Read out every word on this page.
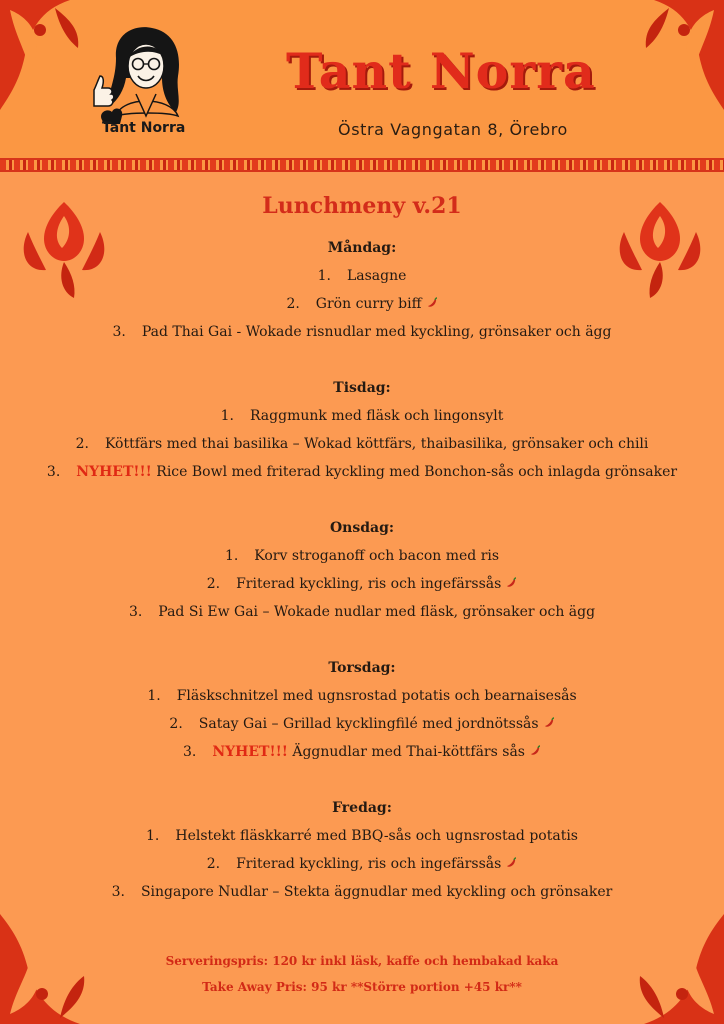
Tant Norra
Tant Norra
Östra Vagngatan 8, Örebro
Lunchmeny v.21
Måndag:
1. Lasagne
2. Grön curry biff
3. Pad Thai Gai - Wokade risnudlar med kyckling, grönsaker och ägg
Tisdag:
1. Raggmunk med fläsk och lingonsylt
2. Köttfärs med thai basilika – Wokad köttfärs, thaibasilika, grönsaker och chili
3. NYHET!!! Rice Bowl med friterad kyckling med Bonchon-sås och inlagda grönsaker
Onsdag:
1. Korv stroganoff och bacon med ris
2. Friterad kyckling, ris och ingefärssås
3. Pad Si Ew Gai – Wokade nudlar med fläsk, grönsaker och ägg
Torsdag:
1. Fläskschnitzel med ugnsrostad potatis och bearnaisesås
2. Satay Gai – Grillad kycklingfilé med jordnötssås
3. NYHET!!! Äggnudlar med Thai-köttfärs sås
Fredag:
1. Helstekt fläskkarré med BBQ-sås och ugnsrostad potatis
2. Friterad kyckling, ris och ingefärssås
3. Singapore Nudlar – Stekta äggnudlar med kyckling och grönsaker
Serveringspris: 120 kr inkl läsk, kaffe och hembakad kaka
Take Away Pris: 95 kr **Större portion +45 kr**
